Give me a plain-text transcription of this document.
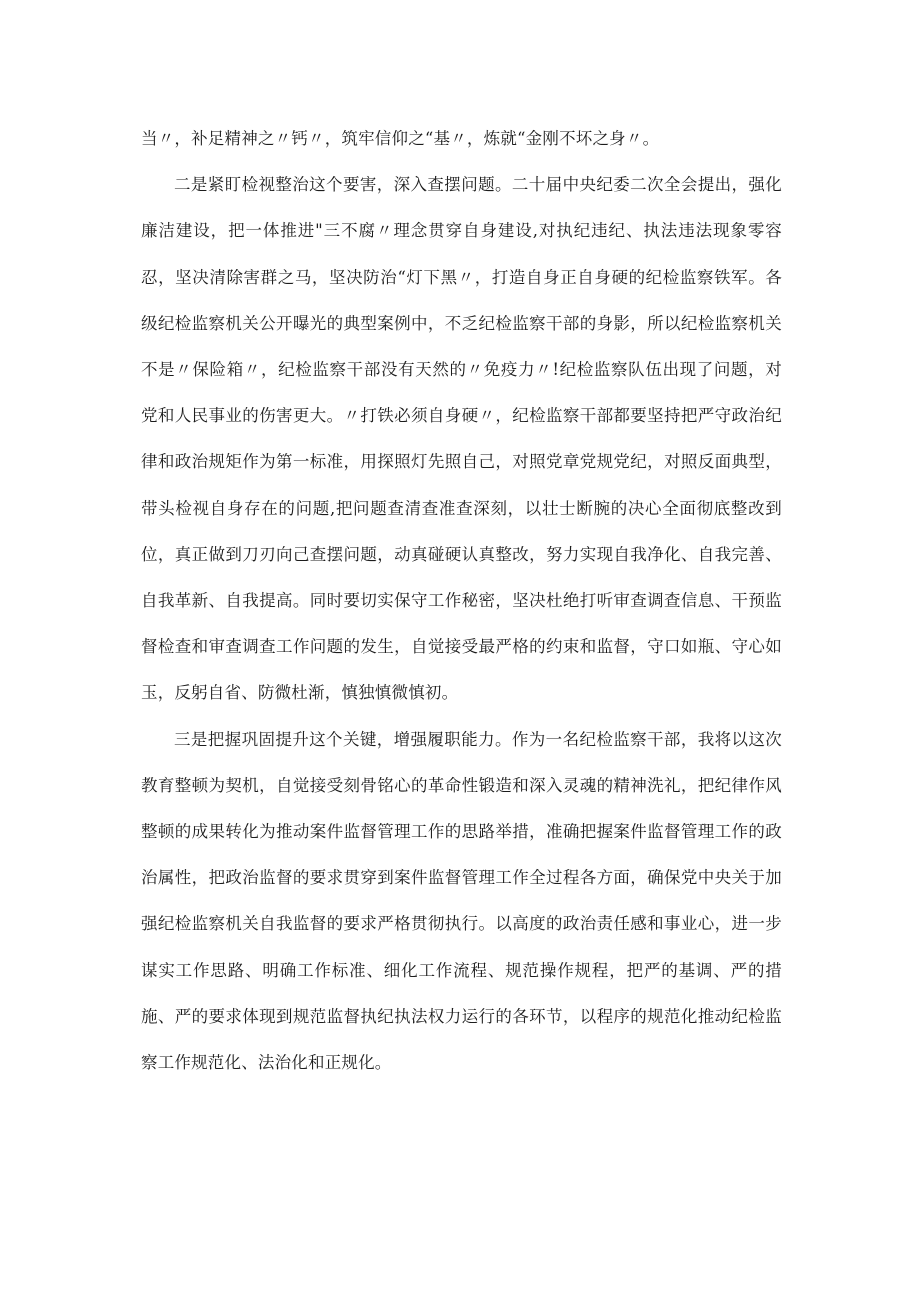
当〃，补足精神之〃钙〃，筑牢信仰之“基〃，炼就“金刚不坏之身〃。

二是紧盯检视整治这个要害，深入查摆问题。二十届中央纪委二次全会提出，强化廉洁建设，把一体推进"三不腐〃理念贯穿自身建设,对执纪违纪、执法违法现象零容忍，坚决清除害群之马，坚决防治“灯下黑〃，打造自身正自身硬的纪检监察铁军。各级纪检监察机关公开曝光的典型案例中，不乏纪检监察干部的身影，所以纪检监察机关不是〃保险箱〃，纪检监察干部没有天然的〃免疫力〃!纪检监察队伍出现了问题，对党和人民事业的伤害更大。〃打铁必须自身硬〃，纪检监察干部都要坚持把严守政治纪律和政治规矩作为第一标准，用探照灯先照自己，对照党章党规党纪，对照反面典型，带头检视自身存在的问题,把问题查清查准查深刻，以壮士断腕的决心全面彻底整改到位，真正做到刀刃向己查摆问题，动真碰硬认真整改，努力实现自我净化、自我完善、自我革新、自我提高。同时要切实保守工作秘密，坚决杜绝打听审查调查信息、干预监督检查和审查调查工作问题的发生，自觉接受最严格的约束和监督，守口如瓶、守心如玉，反躬自省、防微杜渐，慎独慎微慎初。

三是把握巩固提升这个关键，增强履职能力。作为一名纪检监察干部，我将以这次教育整顿为契机，自觉接受刻骨铭心的革命性锻造和深入灵魂的精神洗礼，把纪律作风整顿的成果转化为推动案件监督管理工作的思路举措，准确把握案件监督管理工作的政治属性，把政治监督的要求贯穿到案件监督管理工作全过程各方面，确保党中央关于加强纪检监察机关自我监督的要求严格贯彻执行。以高度的政治责任感和事业心，进一步谋实工作思路、明确工作标准、细化工作流程、规范操作规程，把严的基调、严的措施、严的要求体现到规范监督执纪执法权力运行的各环节，以程序的规范化推动纪检监察工作规范化、法治化和正规化。
